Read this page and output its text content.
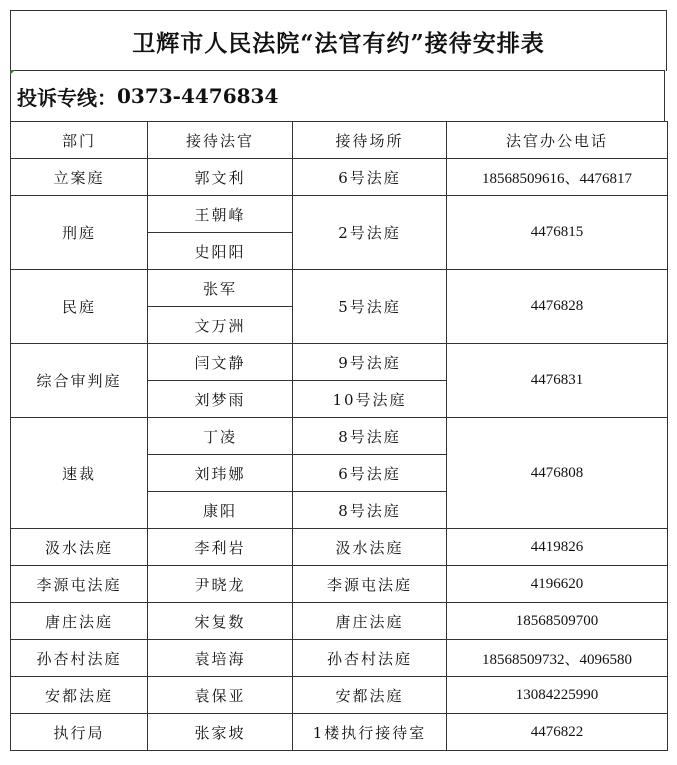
卫辉市人民法院“法官有约”接待安排表
投诉专线： 0373-4476834
部门	接待法官	接待场所	法官办公电话
立案庭	郭文利	6号法庭	18568509616、4476817
刑庭	王朝峰	2号法庭	4476815
	史阳阳		
民庭	张军	5号法庭	4476828
	文万洲		
综合审判庭	闫文静	9号法庭	4476831
	刘梦雨	10号法庭	
速裁	丁凌	8号法庭	4476808
	刘玮娜	6号法庭	
	康阳	8号法庭	
汲水法庭	李利岩	汲水法庭	4419826
李源屯法庭	尹晓龙	李源屯法庭	4196620
唐庄法庭	宋复数	唐庄法庭	18568509700
孙杏村法庭	袁培海	孙杏村法庭	18568509732、4096580
安都法庭	袁保亚	安都法庭	13084225990
执行局	张家坡	1楼执行接待室	4476822
